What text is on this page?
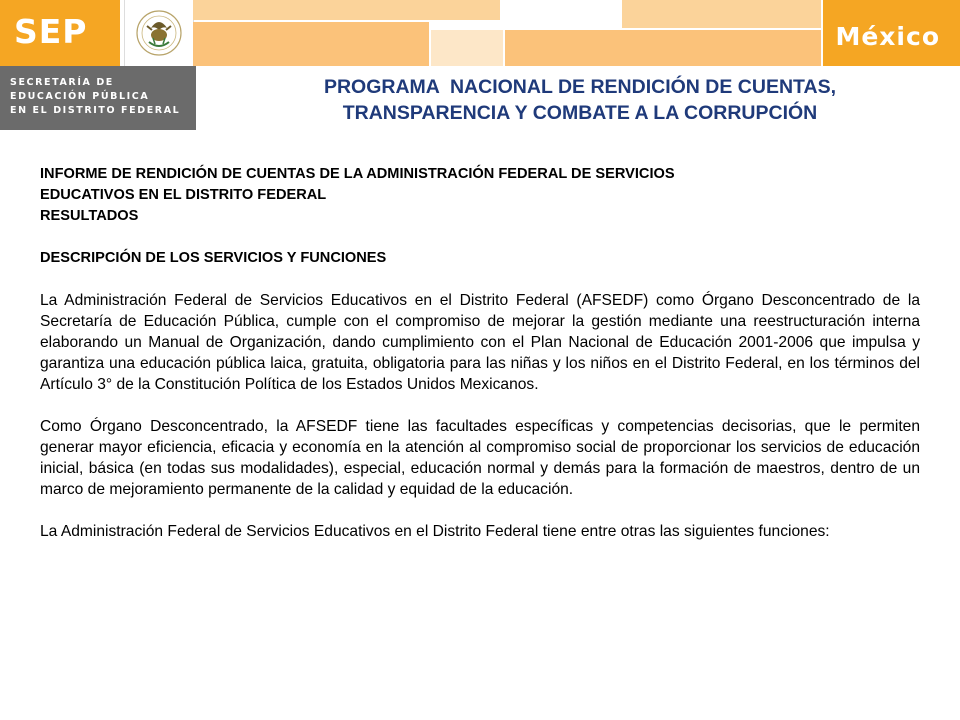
SEP	México
SECRETARÍA DE
EDUCACIÓN PÚBLICA
EN EL DISTRITO FEDERAL
PROGRAMA  NACIONAL DE RENDICIÓN DE CUENTAS,
TRANSPARENCIA Y COMBATE A LA CORRUPCIÓN
INFORME DE RENDICIÓN DE CUENTAS DE LA ADMINISTRACIÓN FEDERAL DE SERVICIOS
EDUCATIVOS EN EL DISTRITO FEDERAL
RESULTADOS
DESCRIPCIÓN DE LOS SERVICIOS Y FUNCIONES
La Administración Federal de Servicios Educativos en el Distrito Federal (AFSEDF) como Órgano Desconcentrado de la Secretaría de Educación Pública, cumple con el compromiso de mejorar la gestión mediante una reestructuración interna elaborando un Manual de Organización, dando cumplimiento con el Plan Nacional de Educación 2001-2006 que impulsa y garantiza una educación pública laica, gratuita, obligatoria para las niñas y los niños en el Distrito Federal, en los términos del Artículo 3° de la Constitución Política de los Estados Unidos Mexicanos.
Como Órgano Desconcentrado, la AFSEDF tiene las facultades específicas y competencias decisorias, que le permiten generar mayor eficiencia, eficacia y economía en la atención al compromiso social de proporcionar los servicios de educación inicial, básica (en todas sus modalidades), especial, educación normal y demás para la formación de maestros, dentro de un marco de mejoramiento permanente de la calidad y equidad de la educación.
La Administración Federal de Servicios Educativos en el Distrito Federal tiene entre otras las siguientes funciones:
